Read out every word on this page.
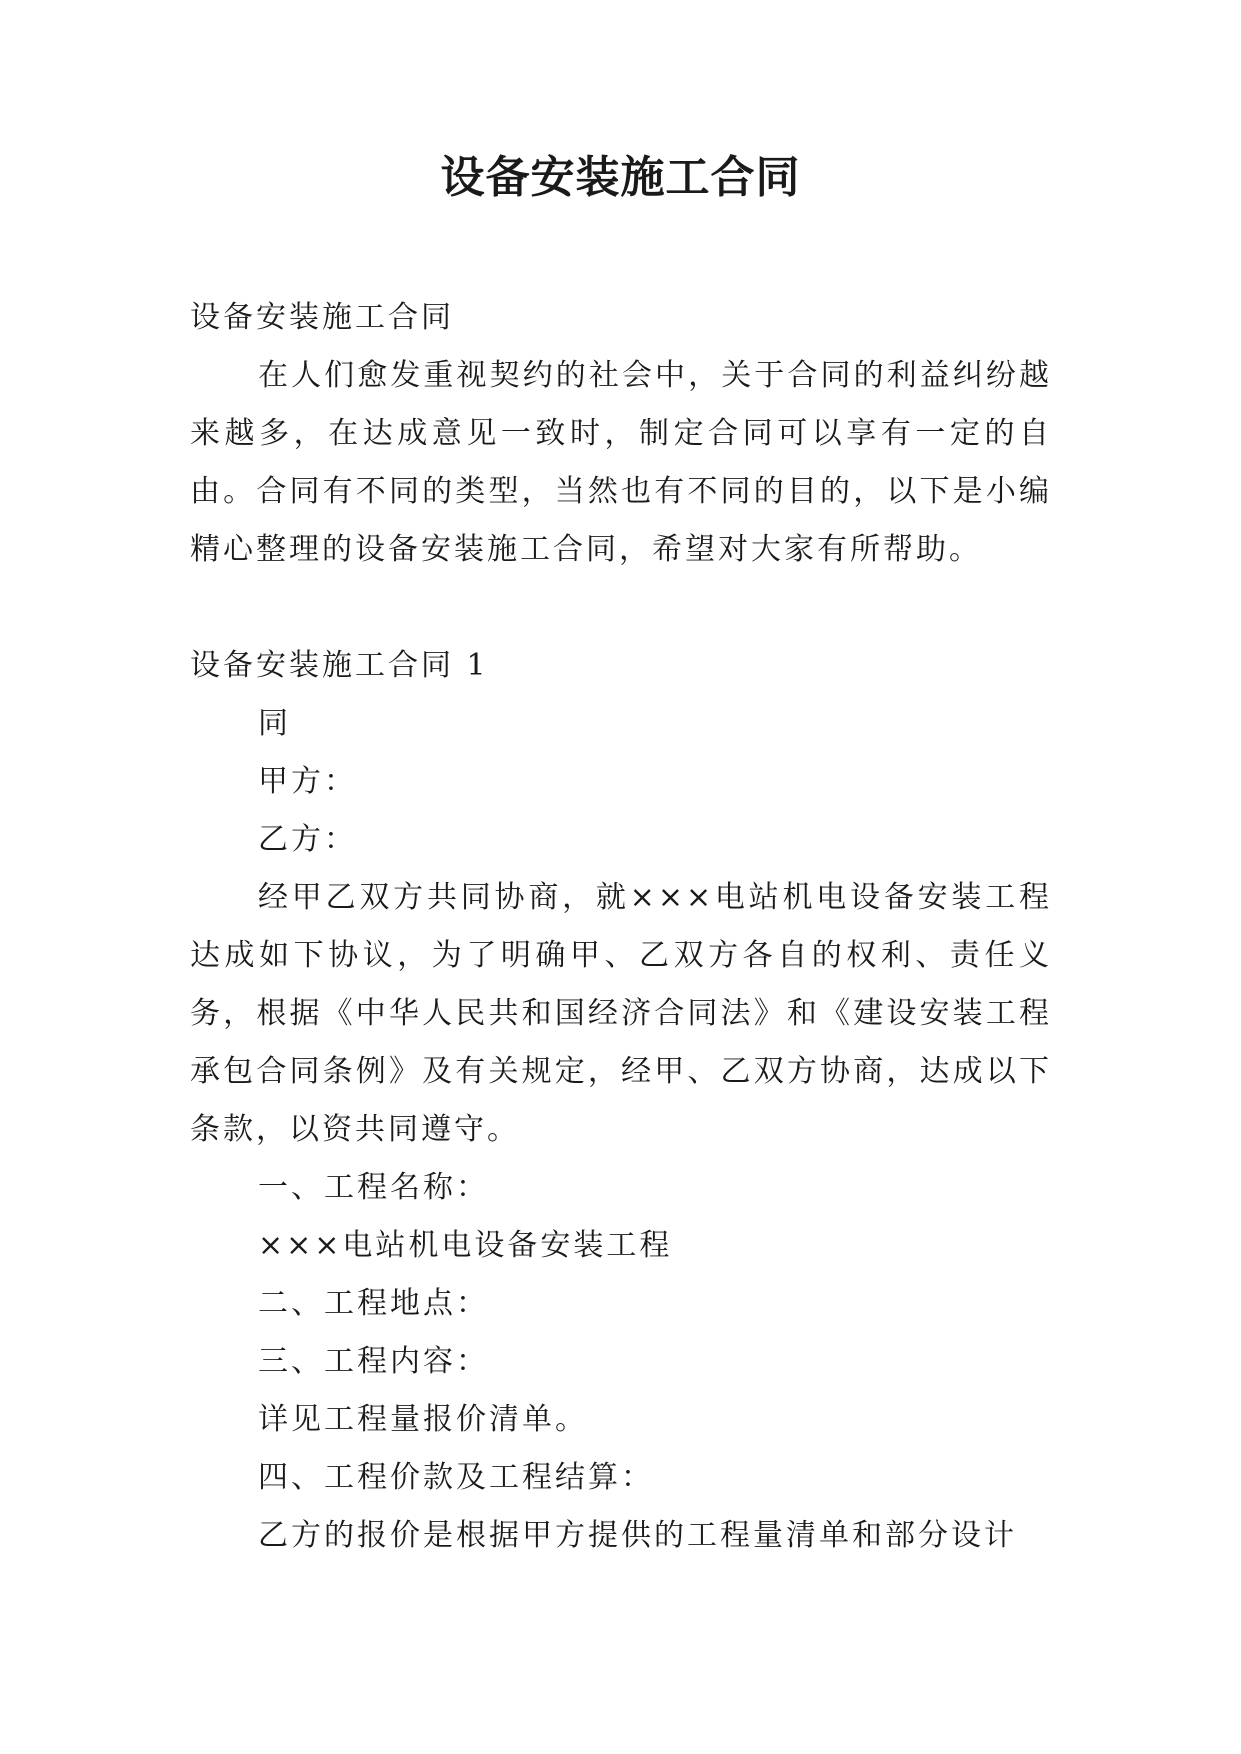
设备安装施工合同

设备安装施工合同

在人们愈发重视契约的社会中，关于合同的利益纠纷越来越多，在达成意见一致时，制定合同可以享有一定的自由。合同有不同的类型，当然也有不同的目的，以下是小编精心整理的设备安装施工合同，希望对大家有所帮助。

设备安装施工合同 1

同

甲方：

乙方：

经甲乙双方共同协商，就×××电站机电设备安装工程达成如下协议，为了明确甲、乙双方各自的权利、责任义务，根据《中华人民共和国经济合同法》和《建设安装工程承包合同条例》及有关规定，经甲、乙双方协商，达成以下条款，以资共同遵守。

一、工程名称：

×××电站机电设备安装工程

二、工程地点：

三、工程内容：

详见工程量报价清单。

四、工程价款及工程结算：

乙方的报价是根据甲方提供的工程量清单和部分设计
